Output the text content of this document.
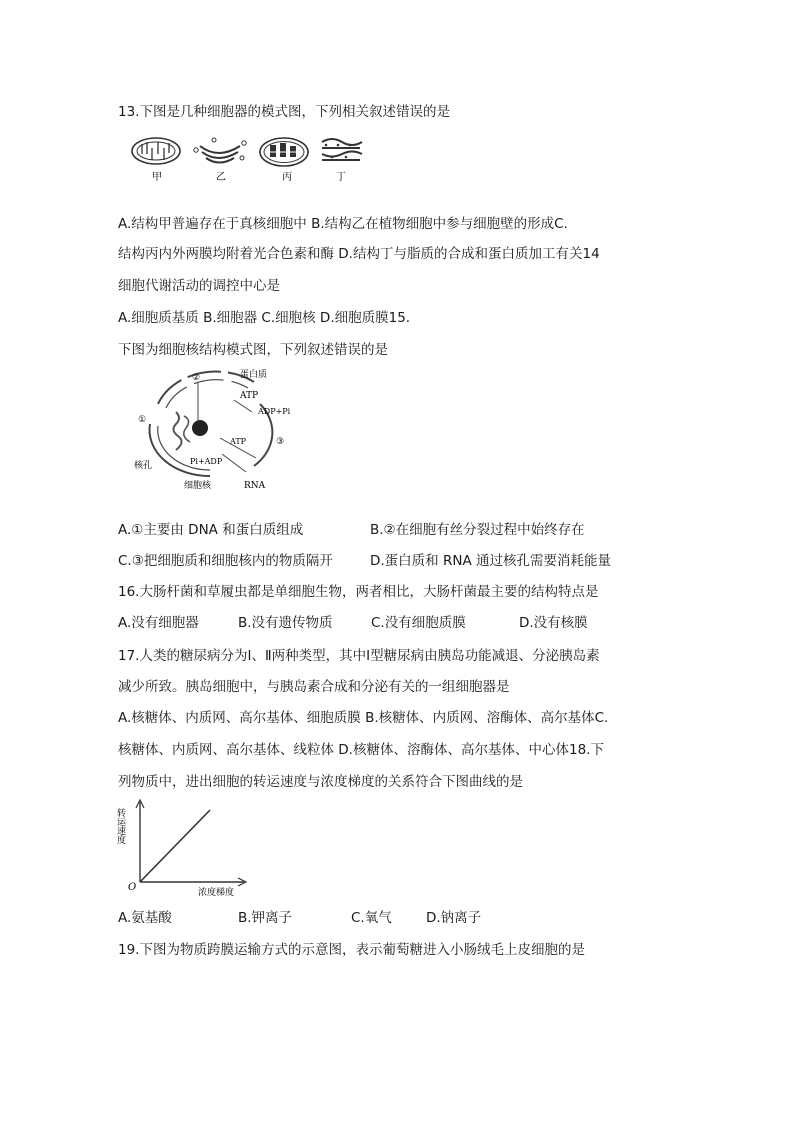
13.下图是几种细胞器的模式图，下列相关叙述错误的是
甲	乙	丙	丁
A.结构甲普遍存在于真核细胞中 B.结构乙在植物细胞中参与细胞壁的形成C.
结构丙内外两膜均附着光合色素和酶 D.结构丁与脂质的合成和蛋白质加工有关14
细胞代谢活动的调控中心是
A.细胞质基质 B.细胞器 C.细胞核 D.细胞质膜15.
下图为细胞核结构模式图，下列叙述错误的是
②	蛋白质
ATP
ADP+Pi
①
ATP	③
Pi+ADP
核孔
细胞核	RNA
A.①主要由 DNA 和蛋白质组成	B.②在细胞有丝分裂过程中始终存在
C.③把细胞质和细胞核内的物质隔开	D.蛋白质和 RNA 通过核孔需要消耗能量
16.大肠杆菌和草履虫都是单细胞生物，两者相比，大肠杆菌最主要的结构特点是
A.没有细胞器	B.没有遗传物质	C.没有细胞质膜	D.没有核膜
17.人类的糖尿病分为Ⅰ、Ⅱ两种类型，其中Ⅰ型糖尿病由胰岛功能减退、分泌胰岛素
减少所致。胰岛细胞中，与胰岛素合成和分泌有关的一组细胞器是
A.核糖体、内质网、高尔基体、细胞质膜 B.核糖体、内质网、溶酶体、高尔基体C.
核糖体、内质网、高尔基体、线粒体 D.核糖体、溶酶体、高尔基体、中心体18.下
列物质中，进出细胞的转运速度与浓度梯度的关系符合下图曲线的是
转运速度
O	浓度梯度
A.氨基酸	B.钾离子	C.氧气	D.钠离子
19.下图为物质跨膜运输方式的示意图，表示葡萄糖进入小肠绒毛上皮细胞的是
